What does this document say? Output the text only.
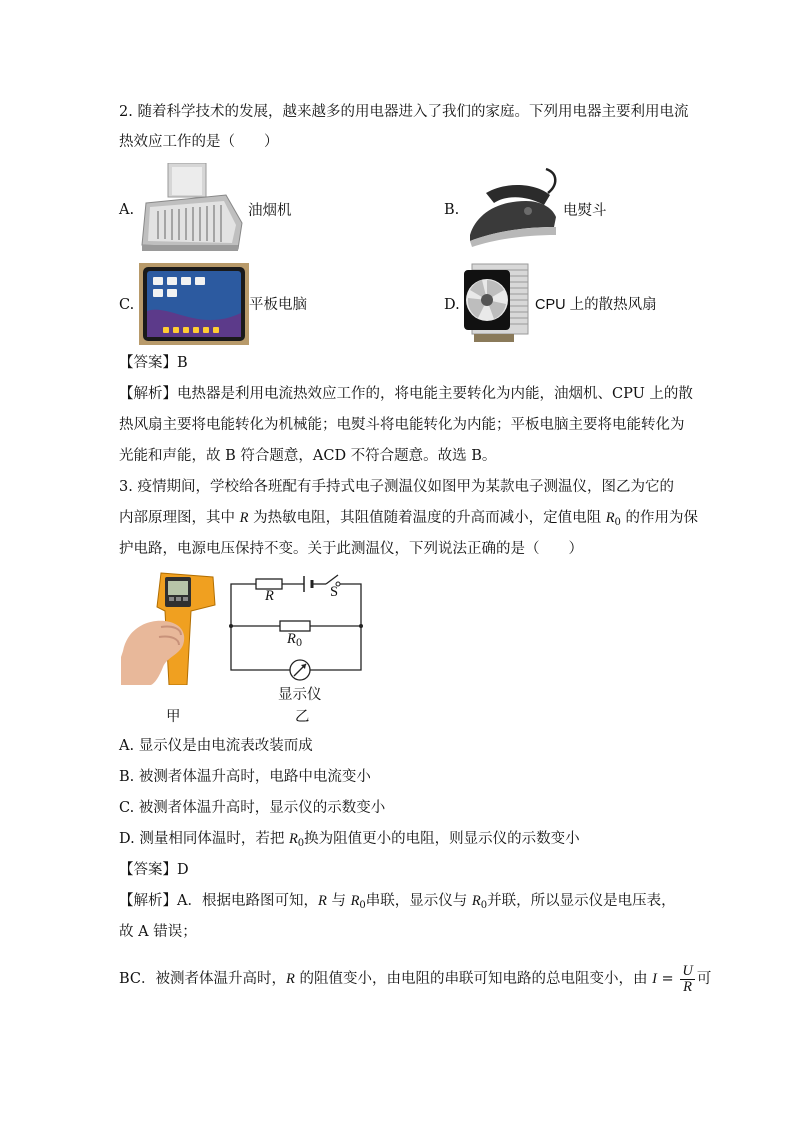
2. 随着科学技术的发展，越来越多的用电器进入了我们的家庭。下列用电器主要利用电流
热效应工作的是（　　）
A.	油烟机	B.	电熨斗
C.	平板电脑	D.	CPU 上的散热风扇
【答案】B
【解析】电热器是利用电流热效应工作的，将电能主要转化为内能，油烟机、CPU 上的散
热风扇主要将电能转化为机械能；电熨斗将电能转化为内能；平板电脑主要将电能转化为
光能和声能，故 B 符合题意，ACD 不符合题意。故选 B。
3. 疫情期间，学校给各班配有手持式电子测温仪如图甲为某款电子测温仪，图乙为它的
内部原理图，其中 R 为热敏电阻，其阻值随着温度的升高而减小，定值电阻 $R_0$ 的作用为保
护电路，电源电压保持不变。关于此测温仪，下列说法正确的是（　　）
甲
R	S
$R_0$
显示仪
乙
A. 显示仪是由电流表改装而成
B. 被测者体温升高时，电路中电流变小
C. 被测者体温升高时，显示仪的示数变小
D. 测量相同体温时，若把 $R_0$换为阻值更小的电阻，则显示仪的示数变小
【答案】D
【解析】A．根据电路图可知，R 与 $R_0$串联，显示仪与 $R_0$并联，所以显示仪是电压表，
故 A 错误；
BC．被测者体温升高时，R 的阻值变小，由电阻的串联可知电路的总电阻变小，由 $I = \frac{U}{R}$ 可
